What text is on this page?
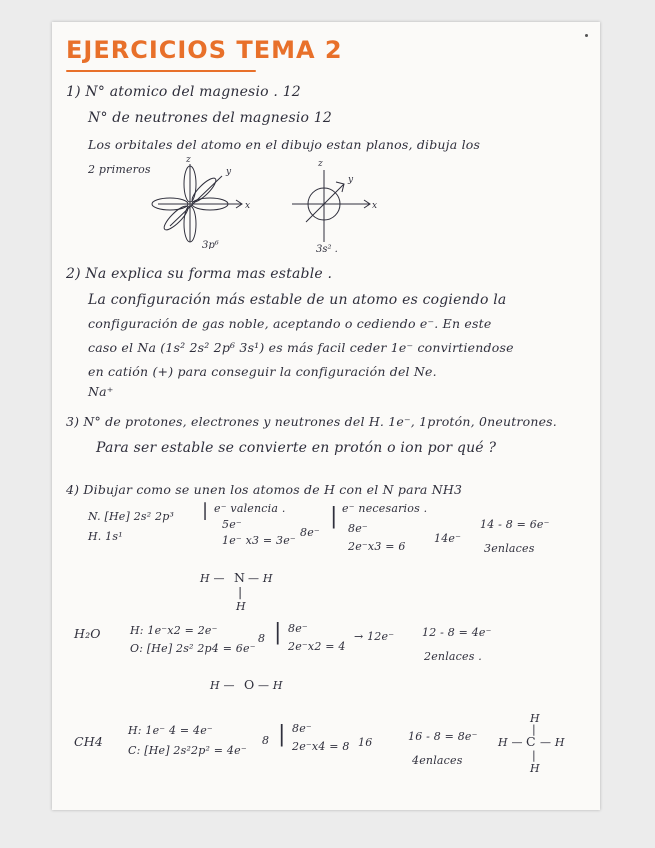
EJERCICIOS TEMA 2
1) N° atomico del magnesio . 12
N° de neutrones del magnesio 12
Los orbitales del atomo en el dibujo estan planos, dibuja los
2 primeros
z
y
x
3p⁶
z
y
x
3s² .
2) Na explica su forma mas estable .
La configuración más estable de un atomo es cogiendo la
configuración de gas noble, aceptando o cediendo e⁻. En este
caso el Na (1s² 2s² 2p⁶ 3s¹) es más facil ceder 1e⁻ convirtiendose
en catión (+) para conseguir la configuración del Ne.
Na⁺
3) N° de protones, electrones y neutrones del H. 1e⁻, 1protón, 0neutrones.
Para ser estable se convierte en protón o ion por qué ?
4) Dibujar como se unen los atomos de H con el N para NH3
N. [He] 2s² 2p³
H. 1s¹
| e⁻ valencia .
5e⁻
1e⁻ x3 = 3e⁻
8e⁻
| e⁻ necesarios .
8e⁻
2e⁻x3 = 6
14e⁻
14 - 8 = 6e⁻
3enlaces
H — N — H
|
H
H₂O	H: 1e⁻x2 = 2e⁻
O: [He] 2s² 2p4 = 6e⁻
8 | 8e⁻
2e⁻x2 = 4
→ 12e⁻	12 - 8 = 4e⁻
2enlaces .
H — O — H
CH4
H: 1e⁻ 4 = 4e⁻
C: [He] 2s²2p² = 4e⁻
8 | 8e⁻
2e⁻x4 = 8 16	16 - 8 = 8e⁻
4enlaces
H
|
H — C — H
|
H
